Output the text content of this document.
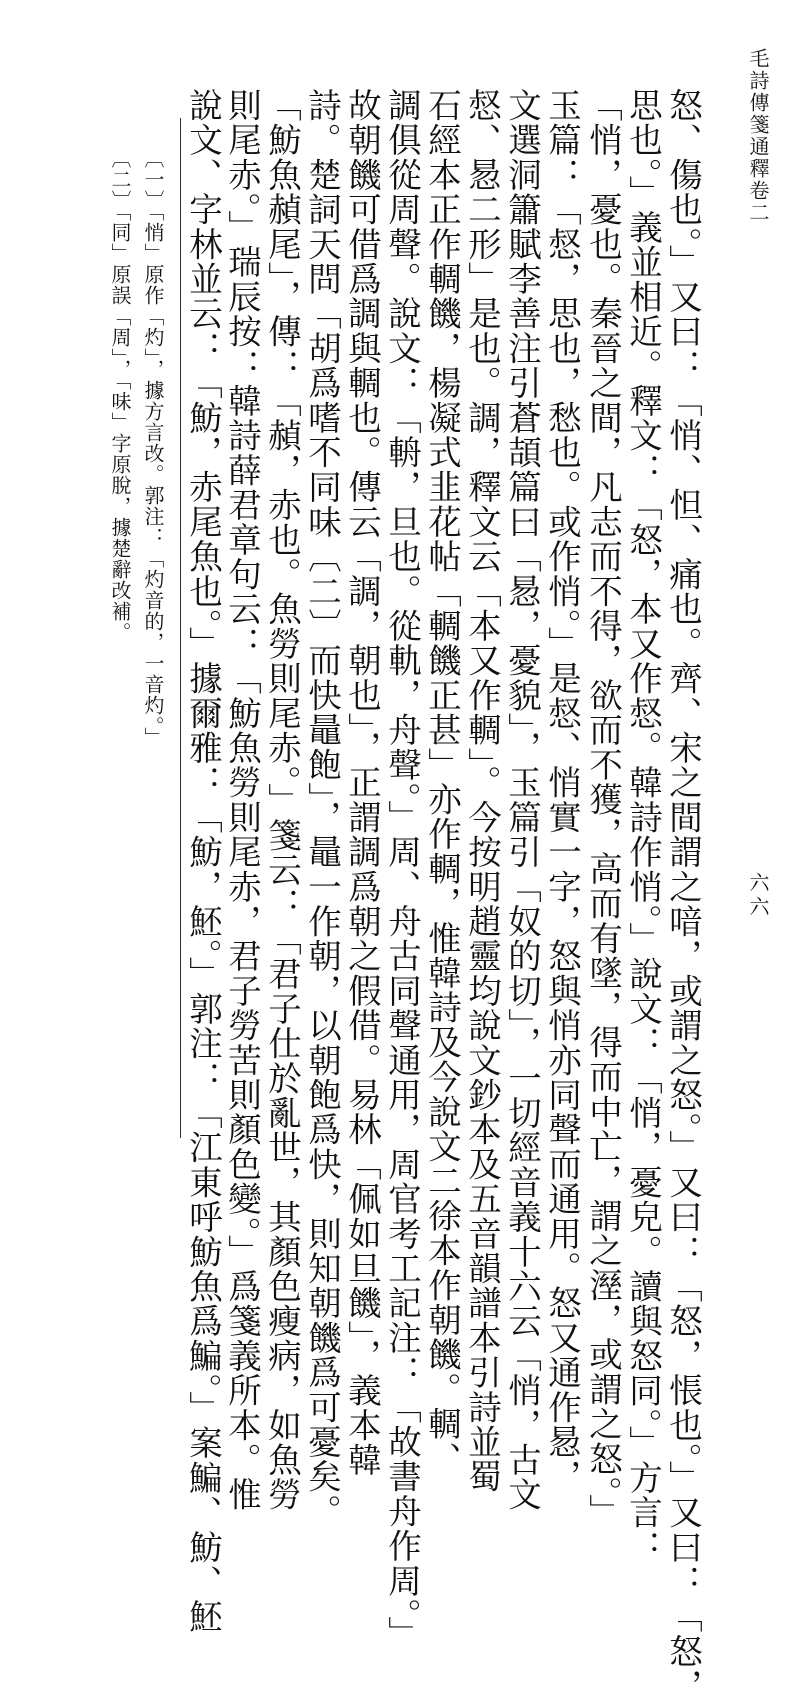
毛詩傳箋通釋卷二
六六
怒、傷也。」又曰：「悄、怛、痛也。齊、宋之間謂之喑，或謂之怒。」又曰：「怒，悵也。」又曰：「怒，
思也。」義並相近。釋文：「怒，本又作惄。韓詩作悄。」說文：「悄，憂皃。讀與怒同。」方言：
「悄，憂也。秦晉之間，凡志而不得，欲而不獲，高而有墜，得而中亡，謂之溼，或謂之怒。」
玉篇：「惄，思也，愁也。或作悄。」是惄、悄實一字，怒與悄亦同聲而通用。怒又通作惖，
文選洞簫賦李善注引蒼頡篇曰「惖，憂貌」，玉篇引「奴的切」，一切經音義十六云「悄，古文
惄、惖二形」是也。調，釋文云「本又作輖」。今按明趙靈均說文鈔本及五音韻譜本引詩並蜀
石經本正作輖饑，楊凝式韭花帖「輖饑正甚」亦作輖，惟韓詩及今說文二徐本作朝饑。輖、
調俱從周聲。說文：「輈，旦也。從軌，舟聲。」周、舟古同聲通用，周官考工記注：「故書舟作周。」
故朝饑可借爲調與輖也。傳云「調，朝也」，正謂調爲朝之假借。易林「佩如旦饑」，義本韓
詩。楚詞天問「胡爲嗜不同味〔二〕而快鼂飽」，鼂一作朝，以朝飽爲快，則知朝饑爲可憂矣。
「魴魚赬尾」，傳：「赬，赤也。魚勞則尾赤。」箋云：「君子仕於亂世，其顏色瘦病，如魚勞
則尾赤。」瑞辰按：韓詩薛君章句云：「魴魚勞則尾赤，君子勞苦則顏色變。」爲箋義所本。惟
說文、字林並云：「魴，赤尾魚也。」據爾雅：「魴，魾。」郭注：「江東呼魴魚爲鯿。」案鯿、魴、魾
〔一〕「悄」原作「灼」，據方言改。郭注：「灼音的，一音灼。」
〔二〕「同」原誤「周」，「味」字原脫，據楚辭改補。
